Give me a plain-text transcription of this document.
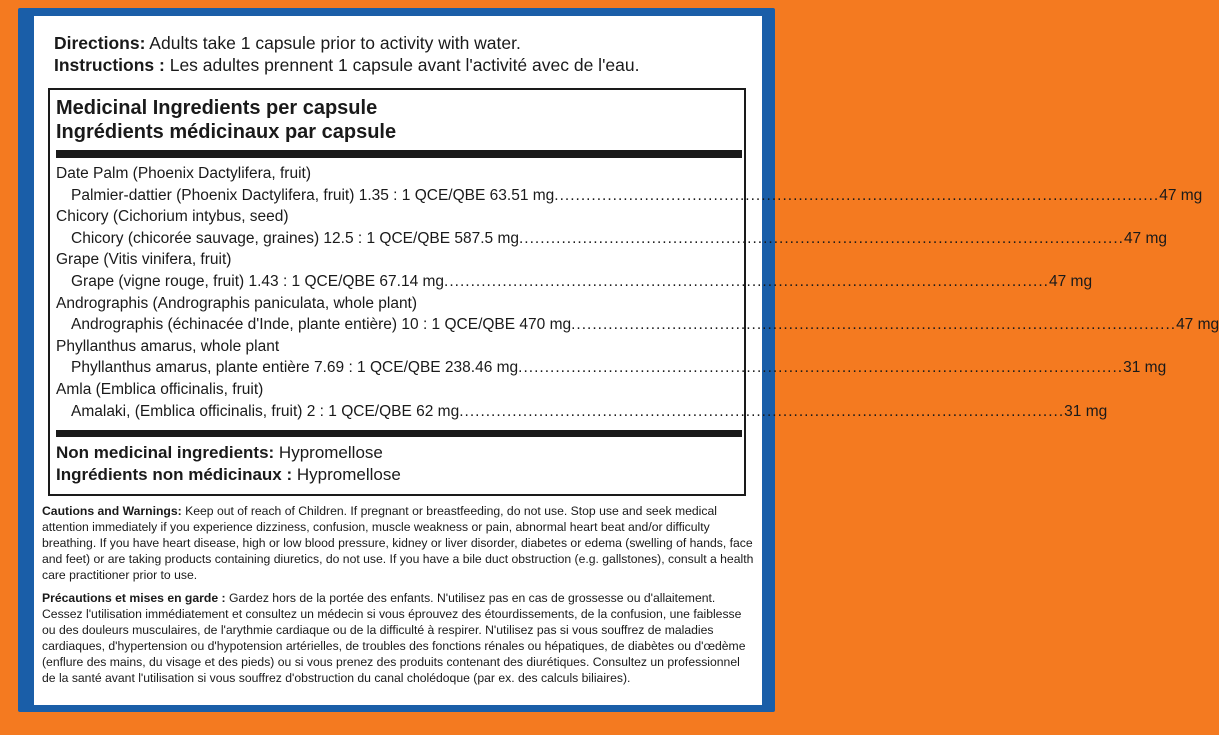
Directions: Adults take 1 capsule prior to activity with water.
Instructions : Les adultes prennent 1 capsule avant l'activité avec de l'eau.
Medicinal Ingredients per capsule
Ingrédients médicinaux par capsule
Date Palm (Phoenix Dactylifera, fruit)
Palmier-dattier (Phoenix Dactylifera, fruit) 1.35 : 1 QCE/QBE 63.51 mg .................................................................................................................. 47 mg
Chicory (Cichorium intybus, seed)
Chicory (chicorée sauvage, graines) 12.5 : 1 QCE/QBE 587.5 mg .................................................................................................................. 47 mg
Grape (Vitis vinifera, fruit)
Grape (vigne rouge, fruit) 1.43 : 1 QCE/QBE 67.14 mg .................................................................................................................. 47 mg
Andrographis (Andrographis paniculata, whole plant)
Andrographis (échinacée d'Inde, plante entière) 10 : 1 QCE/QBE 470 mg .................................................................................................................. 47 mg
Phyllanthus amarus, whole plant
Phyllanthus amarus, plante entière 7.69 : 1 QCE/QBE 238.46 mg .................................................................................................................. 31 mg
Amla (Emblica officinalis, fruit)
Amalaki, (Emblica officinalis, fruit) 2 : 1 QCE/QBE 62 mg .................................................................................................................. 31 mg
Non medicinal ingredients: Hypromellose
Ingrédients non médicinaux : Hypromellose

Cautions and Warnings: Keep out of reach of Children. If pregnant or breastfeeding, do not use. Stop use and seek medical attention immediately if you experience dizziness, confusion, muscle weakness or pain, abnormal heart beat and/or difficulty breathing. If you have heart disease, high or low blood pressure, kidney or liver disorder, diabetes or edema (swelling of hands, face and feet) or are taking products containing diuretics, do not use. If you have a bile duct obstruction (e.g. gallstones), consult a health care practitioner prior to use.

Précautions et mises en garde : Gardez hors de la portée des enfants. N'utilisez pas en cas de grossesse ou d'allaitement. Cessez l'utilisation immédiatement et consultez un médecin si vous éprouvez des étourdissements, de la confusion, une faiblesse ou des douleurs musculaires, de l'arythmie cardiaque ou de la difficulté à respirer. N'utilisez pas si vous souffrez de maladies cardiaques, d'hypertension ou d'hypotension artérielles, de troubles des fonctions rénales ou hépatiques, de diabètes ou d'œdème (enflure des mains, du visage et des pieds) ou si vous prenez des produits contenant des diurétiques. Consultez un professionnel de la santé avant l'utilisation si vous souffrez d'obstruction du canal cholédoque (par ex. des calculs biliaires).
